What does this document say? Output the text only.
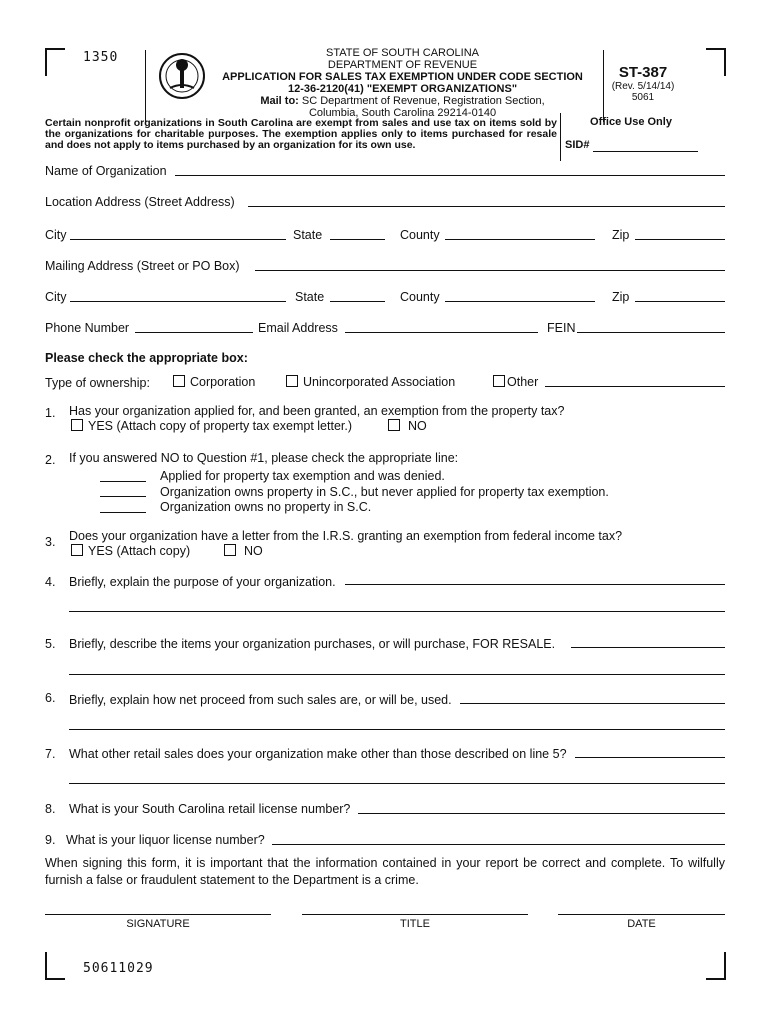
1350	STATE OF SOUTH CAROLINA
DEPARTMENT OF REVENUE
APPLICATION FOR SALES TAX EXEMPTION UNDER CODE SECTION
12-36-2120(41) "EXEMPT ORGANIZATIONS"
Mail to: SC Department of Revenue, Registration Section,
Columbia, South Carolina 29214-0140
ST-387
(Rev. 5/14/14)
5061
Certain nonprofit organizations in South Carolina are exempt from sales and use tax on items sold by the organizations for charitable purposes. The exemption applies only to items purchased for resale and does not apply to items purchased by an organization for its own use.
Office Use Only
SID#
Name of Organization
Location Address (Street Address)
City	State	County	Zip
Mailing Address (Street or PO Box)
City	State	County	Zip
Phone Number	Email Address	FEIN
Please check the appropriate box:
Type of ownership:	Corporation	Unincorporated Association	Other
1. Has your organization applied for, and been granted, an exemption from the property tax?
YES (Attach copy of property tax exempt letter.)	NO
2. If you answered NO to Question #1, please check the appropriate line:
Applied for property tax exemption and was denied.
Organization owns property in S.C., but never applied for property tax exemption.
Organization owns no property in S.C.
3. Does your organization have a letter from the I.R.S. granting an exemption from federal income tax?
YES (Attach copy)	NO
4. Briefly, explain the purpose of your organization.
5. Briefly, describe the items your organization purchases, or will purchase, FOR RESALE.
6. Briefly, explain how net proceed from such sales are, or will be, used.
7. What other retail sales does your organization make other than those described on line 5?
8. What is your South Carolina retail license number?
9. What is your liquor license number?
When signing this form, it is important that the information contained in your report be correct and complete. To wilfully furnish a false or fraudulent statement to the Department is a crime.
SIGNATURE	TITLE	DATE
50611029
